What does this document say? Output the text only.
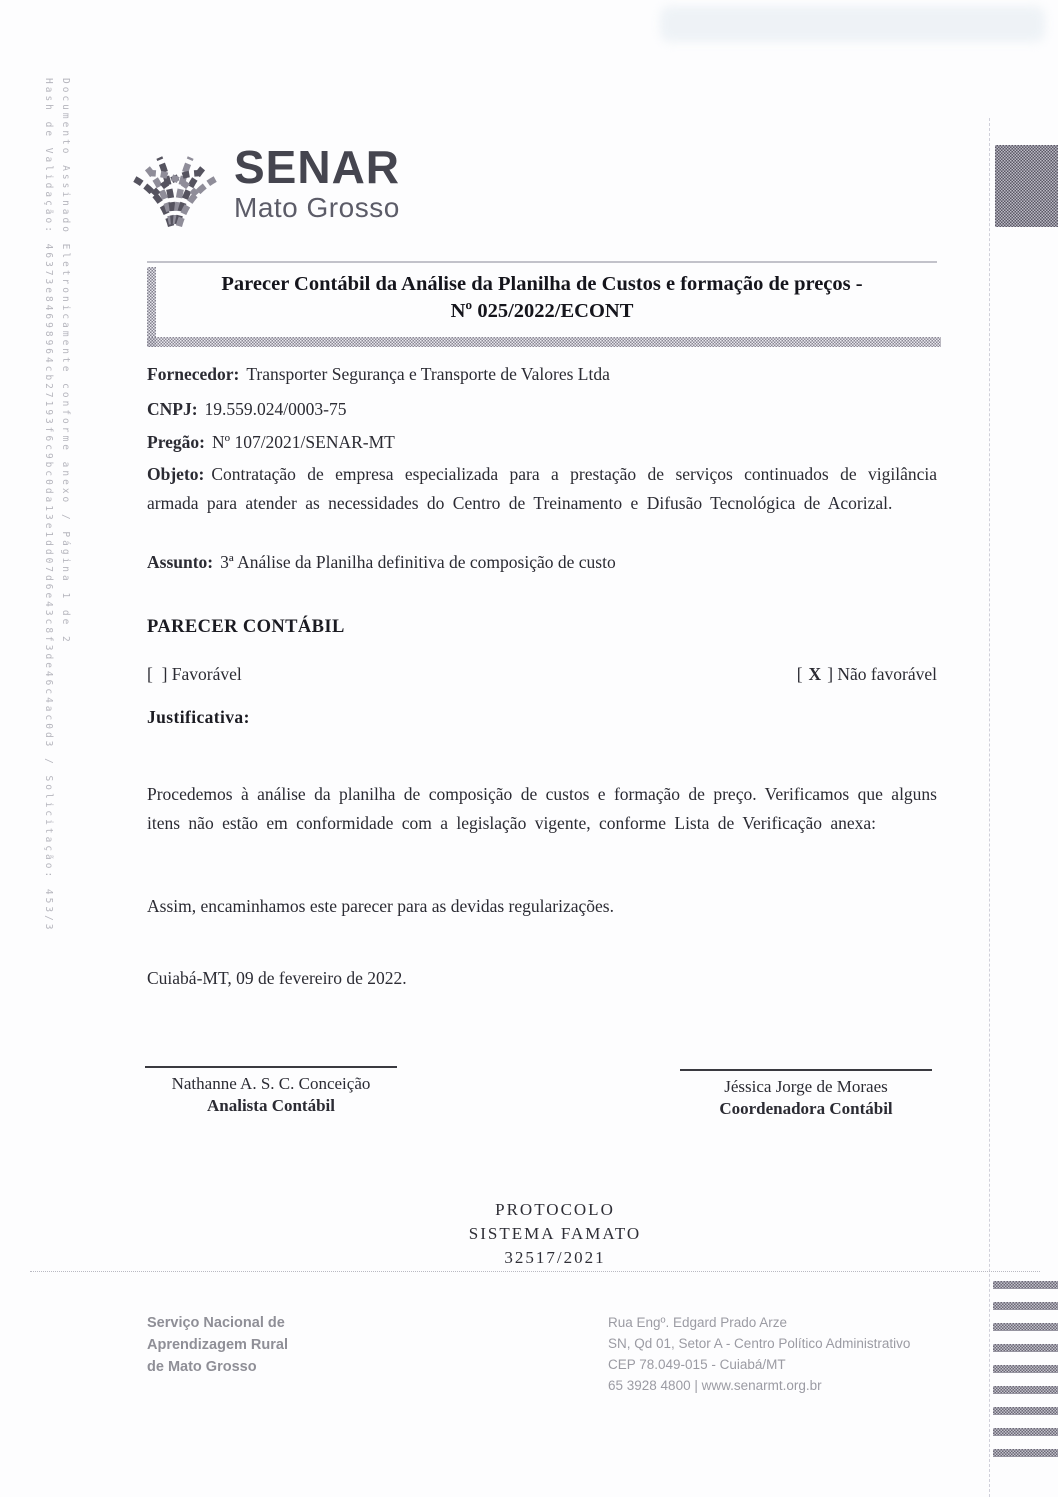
Documento Assinado Eletronicamente conforme anexo / Página 1 de 2
Hash de Validação: 46373e84698964cb27193f6c9bc0da13e1dd07d6e43c8f3de46c4ac0d3 / Solicitação: 453/3	SENAR
Mato Grosso
Parecer Contábil da Análise da Planilha de Custos e formação de preços -
Nº 025/2022/ECONT

Fornecedor: Transporter Segurança e Transporte de Valores Ltda

CNPJ: 19.559.024/0003-75

Pregão: Nº 107/2021/SENAR-MT

Objeto: Contratação de empresa especializada para a prestação de serviços continuados de vigilância armada para atender as necessidades do Centro de Treinamento e Difusão Tecnológica de Acorizal.

Assunto: 3ª Análise da Planilha definitiva de composição de custo

PARECER CONTÁBIL

[  ] Favorável	[ X ] Não favorável

Justificativa:

Procedemos à análise da planilha de composição de custos e formação de preço. Verificamos que alguns itens não estão em conformidade com a legislação vigente, conforme Lista de Verificação anexa:

Assim, encaminhamos este parecer para as devidas regularizações.

Cuiabá-MT, 09 de fevereiro de 2022.

Nathanne A. S. C. Conceição
Analista Contábil
Jéssica Jorge de Moraes
Coordenadora Contábil
PROTOCOLO
SISTEMA FAMATO
32517/2021
Serviço Nacional de
Aprendizagem Rural
de Mato Grosso
Rua Engº. Edgard Prado Arze
SN, Qd 01, Setor A - Centro Político Administrativo
CEP 78.049-015 - Cuiabá/MT
65 3928 4800 | www.senarmt.org.br
